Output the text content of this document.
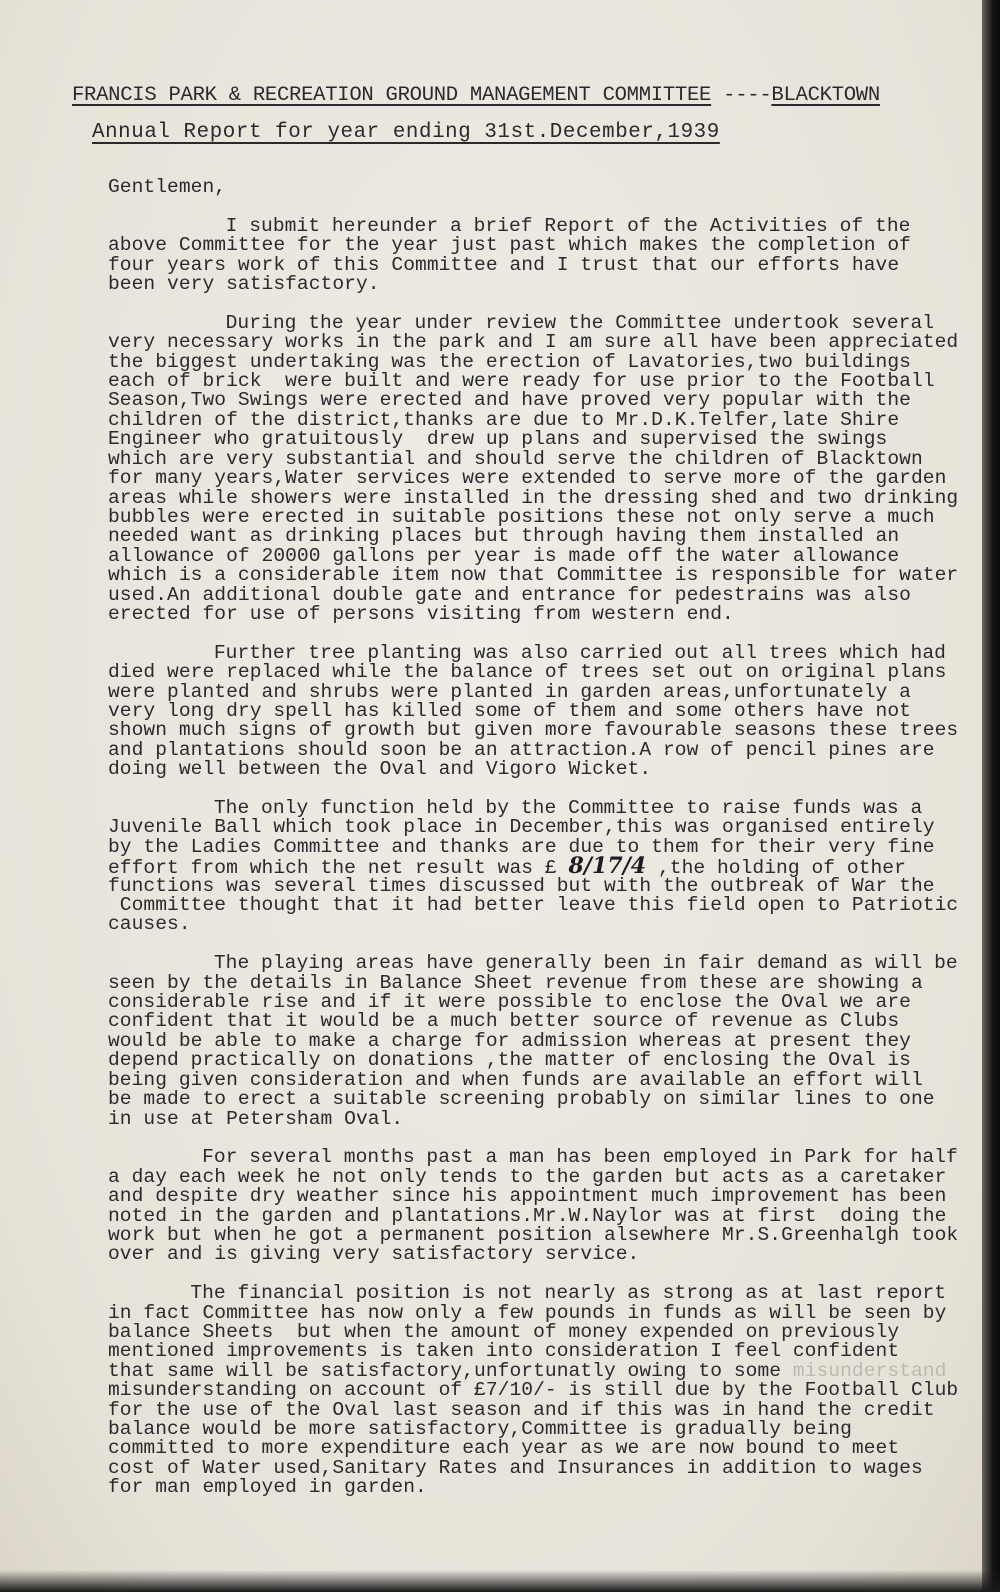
FRANCIS PARK & RECREATION GROUND MANAGEMENT COMMITTEE ----BLACKTOWN
Annual Report for year ending 31st.December,1939
Gentlemen,
I submit hereunder a brief Report of the Activities of the
above Committee for the year just past which makes the completion of
four years work of this Committee and I trust that our efforts have
been very satisfactory.
During the year under review the Committee undertook several
very necessary works in the park and I am sure all have been appreciated
the biggest undertaking was the erection of Lavatories,two buildings
each of brick  were built and were ready for use prior to the Football
Season,Two Swings were erected and have proved very popular with the
children of the district,thanks are due to Mr.D.K.Telfer,late Shire
Engineer who gratuitously  drew up plans and supervised the swings
which are very substantial and should serve the children of Blacktown
for many years,Water services were extended to serve more of the garden
areas while showers were installed in the dressing shed and two drinking
bubbles were erected in suitable positions these not only serve a much
needed want as drinking places but through having them installed an
allowance of 20000 gallons per year is made off the water allowance
which is a considerable item now that Committee is responsible for water
used.An additional double gate and entrance for pedestrains was also
erected for use of persons visiting from western end.
Further tree planting was also carried out all trees which had
died were replaced while the balance of trees set out on original plans
were planted and shrubs were planted in garden areas,unfortunately a
very long dry spell has killed some of them and some others have not
shown much signs of growth but given more favourable seasons these trees
and plantations should soon be an attraction.A row of pencil pines are
doing well between the Oval and Vigoro Wicket.
The only function held by the Committee to raise funds was a
Juvenile Ball which took place in December,this was organised entirely
by the Ladies Committee and thanks are due to them for their very fine
effort from which the net result was £ 8/17/4 ,the holding of other
functions was several times discussed but with the outbreak of War the
Committee thought that it had better leave this field open to Patriotic
causes.
The playing areas have generally been in fair demand as will be
seen by the details in Balance Sheet revenue from these are showing a
considerable rise and if it were possible to enclose the Oval we are
confident that it would be a much better source of revenue as Clubs
would be able to make a charge for admission whereas at present they
depend practically on donations ,the matter of enclosing the Oval is
being given consideration and when funds are available an effort will
be made to erect a suitable screening probably on similar lines to one
in use at Petersham Oval.
For several months past a man has been employed in Park for half
a day each week he not only tends to the garden but acts as a caretaker
and despite dry weather since his appointment much improvement has been
noted in the garden and plantations.Mr.W.Naylor was at first  doing the
work but when he got a permanent position alsewhere Mr.S.Greenhalgh took
over and is giving very satisfactory service.
The financial position is not nearly as strong as at last report
in fact Committee has now only a few pounds in funds as will be seen by
balance Sheets  but when the amount of money expended on previously
mentioned improvements is taken into consideration I feel confident
that same will be satisfactory,unfortunatly owing to some misunderstand
misunderstanding on account of £7/10/- is still due by the Football Club
for the use of the Oval last season and if this was in hand the credit
balance would be more satisfactory,Committee is gradually being
committed to more expenditure each year as we are now bound to meet
cost of Water used,Sanitary Rates and Insurances in addition to wages
for man employed in garden.
